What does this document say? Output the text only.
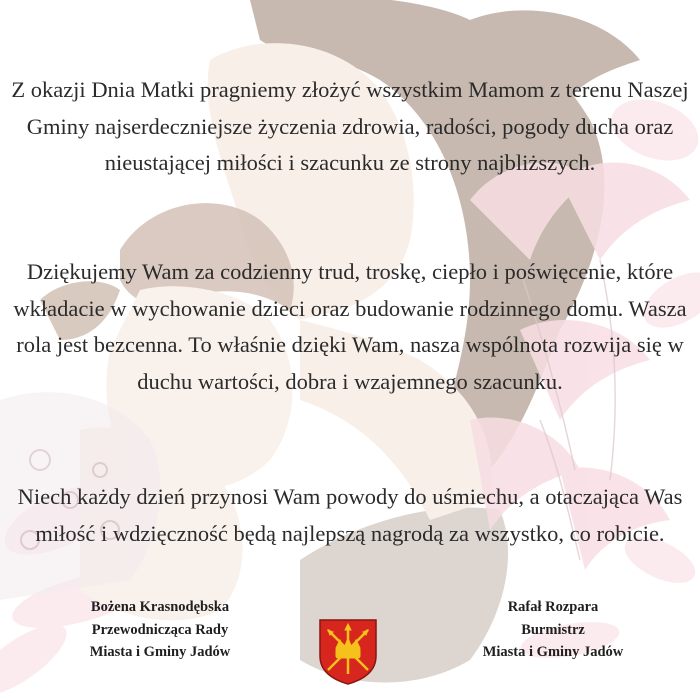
Z okazji Dnia Matki pragniemy złożyć wszystkim Mamom z terenu Naszej Gminy najserdeczniejsze życzenia zdrowia, radości, pogody ducha oraz nieustającej miłości i szacunku ze strony najbliższych.

Dziękujemy Wam za codzienny trud, troskę, ciepło i poświęcenie, które wkładacie w wychowanie dzieci oraz budowanie rodzinnego domu. Wasza rola jest bezcenna. To właśnie dzięki Wam, nasza wspólnota rozwija się w duchu wartości, dobra i wzajemnego szacunku.

Niech każdy dzień przynosi Wam powody do uśmiechu, a otaczająca Was miłość i wdzięczność będą najlepszą nagrodą za wszystko, co robicie.

Bożena Krasnodębska
Przewodnicząca Rady
Miasta i Gminy Jadów
Rafał Rozpara
Burmistrz
Miasta i Gminy Jadów
